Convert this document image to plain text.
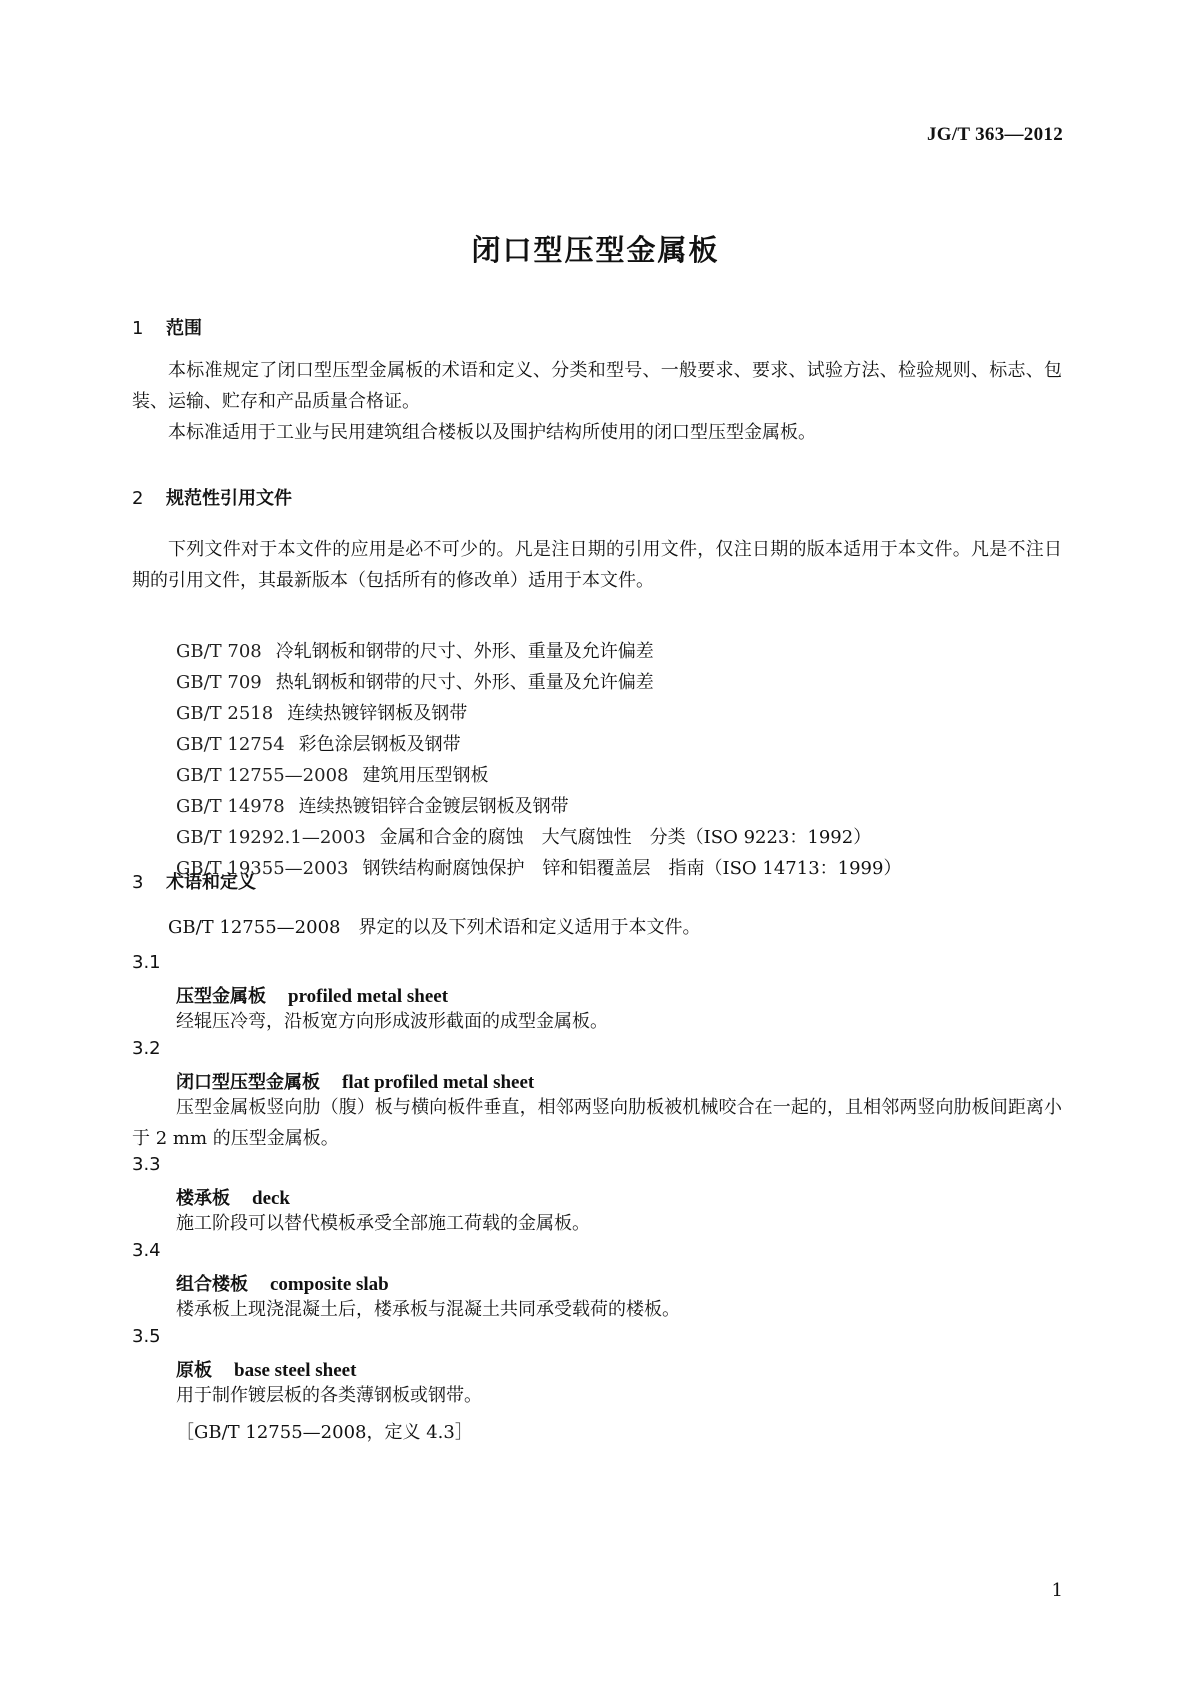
JG/T 363—2012
闭口型压型金属板
1 范围

本标准规定了闭口型压型金属板的术语和定义、分类和型号、一般要求、要求、试验方法、检验规则、标志、包装、运输、贮存和产品质量合格证。

本标准适用于工业与民用建筑组合楼板以及围护结构所使用的闭口型压型金属板。

2 规范性引用文件

下列文件对于本文件的应用是必不可少的。凡是注日期的引用文件，仅注日期的版本适用于本文件。凡是不注日期的引用文件，其最新版本（包括所有的修改单）适用于本文件。

GB/T 708 冷轧钢板和钢带的尺寸、外形、重量及允许偏差
GB/T 709 热轧钢板和钢带的尺寸、外形、重量及允许偏差
GB/T 2518 连续热镀锌钢板及钢带
GB/T 12754 彩色涂层钢板及钢带
GB/T 12755—2008 建筑用压型钢板
GB/T 14978 连续热镀铝锌合金镀层钢板及钢带
GB/T 19292.1—2003 金属和合金的腐蚀　大气腐蚀性　分类（ISO 9223：1992）
GB/T 19355—2003 钢铁结构耐腐蚀保护　锌和铝覆盖层　指南（ISO 14713：1999）
3 术语和定义

GB/T 12755—2008　界定的以及下列术语和定义适用于本文件。

3.1
压型金属板 profiled metal sheet
经辊压冷弯，沿板宽方向形成波形截面的成型金属板。
3.2
闭口型压型金属板 flat profiled metal sheet
压型金属板竖向肋（腹）板与横向板件垂直，相邻两竖向肋板被机械咬合在一起的，且相邻两竖向肋板间距离小于 2 mm 的压型金属板。
3.3
楼承板 deck
施工阶段可以替代模板承受全部施工荷载的金属板。
3.4
组合楼板 composite slab
楼承板上现浇混凝土后，楼承板与混凝土共同承受载荷的楼板。
3.5
原板 base steel sheet
用于制作镀层板的各类薄钢板或钢带。
［GB/T 12755—2008，定义 4.3］
1
